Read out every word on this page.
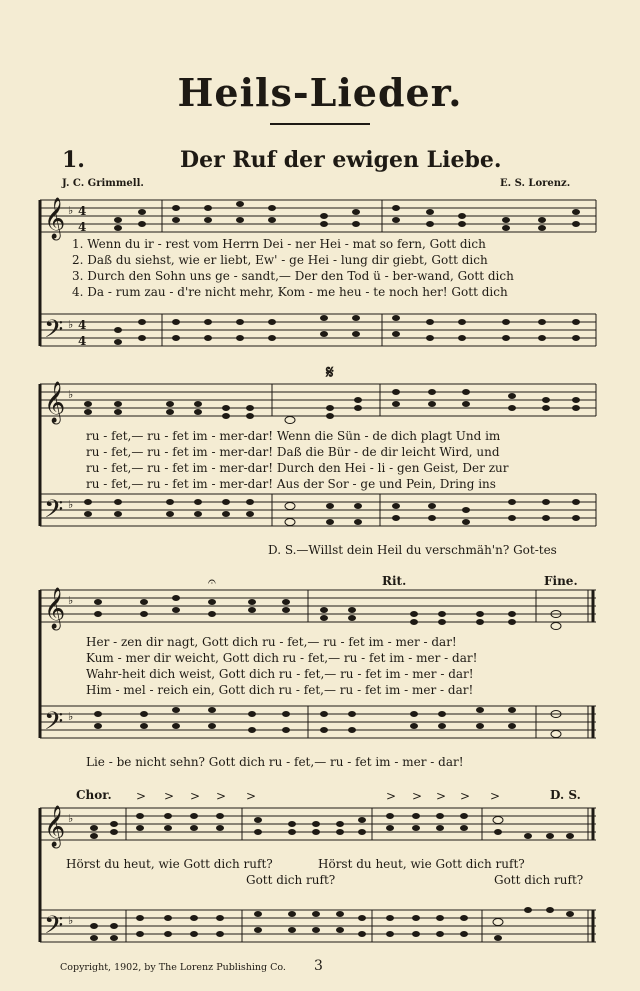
Heils-Lieder.
1.	Der Ruf der ewigen Liebe.
J. C. Grimmell.	E. S. Lorenz.
𝄞
𝄢
♭
♭
4
4
4
4
1. Wenn du ir - rest vom Herrn Dei - ner Hei - mat so fern, Gott dich
2. Daß du siehst, wie er liebt, Ew' - ge Hei - lung dir giebt, Gott dich
3. Durch den Sohn uns ge - sandt,— Der den Tod ü - ber-wand, Gott dich
4. Da - rum zau - d're nicht mehr, Kom - me heu - te noch her! Gott dich
𝄞
𝄢
♭
♭
𝄋
ru - fet,— ru - fet im - mer-dar! Wenn die Sün - de dich plagt Und im
ru - fet,— ru - fet im - mer-dar! Daß die Bür - de dir leicht Wird, und
ru - fet,— ru - fet im - mer-dar! Durch den Hei - li - gen Geist, Der zur
ru - fet,— ru - fet im - mer-dar! Aus der Sor - ge und Pein, Dring ins
D. S.—Willst dein Heil du verschmäh'n? Got-tes
𝄞
𝄢
♭
♭
𝄐	Rit.	Fine.
Her - zen dir nagt, Gott dich ru - fet,— ru - fet im - mer - dar!
Kum - mer dir weicht, Gott dich ru - fet,— ru - fet im - mer - dar!
Wahr-heit dich weist, Gott dich ru - fet,— ru - fet im - mer - dar!
Him - mel - reich ein, Gott dich ru - fet,— ru - fet im - mer - dar!
Lie - be nicht sehn? Gott dich ru - fet,— ru - fet im - mer - dar!
𝄞
𝄢
♭
♭
> > > > >	> > > > >
Chor.	D. S.
Hörst du heut, wie Gott dich ruft?	Hörst du heut, wie Gott dich ruft?
Gott dich ruft?	Gott dich ruft?
Copyright, 1902, by The Lorenz Publishing Co. 3
